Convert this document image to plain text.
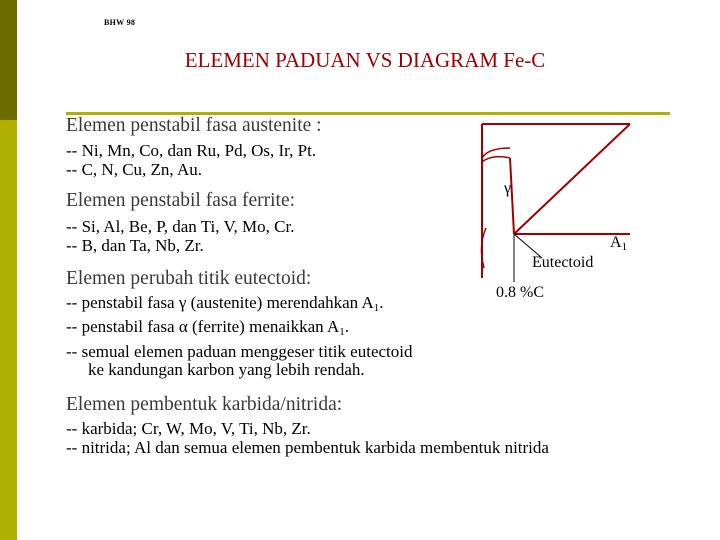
BHW 98
ELEMEN PADUAN VS DIAGRAM Fe-C
Elemen penstabil fasa austenite :
-- Ni, Mn, Co, dan Ru, Pd, Os, Ir, Pt.
-- C, N, Cu, Zn, Au.
Elemen penstabil fasa ferrite:
-- Si, Al, Be, P, dan Ti, V, Mo, Cr.
-- B, dan Ta, Nb, Zr.
Elemen perubah titik eutectoid:
-- penstabil fasa γ (austenite) merendahkan $A_1$.
-- penstabil fasa α (ferrite) menaikkan $A_1$.
-- semual elemen paduan menggeser titik eutectoid
ke kandungan karbon yang lebih rendah.
Elemen pembentuk karbida/nitrida:
-- karbida; Cr, W, Mo, V, Ti, Nb, Zr.
-- nitrida; Al dan semua elemen pembentuk karbida membentuk nitrida
γ
$A_1$
Eutectoid
0.8 %C
